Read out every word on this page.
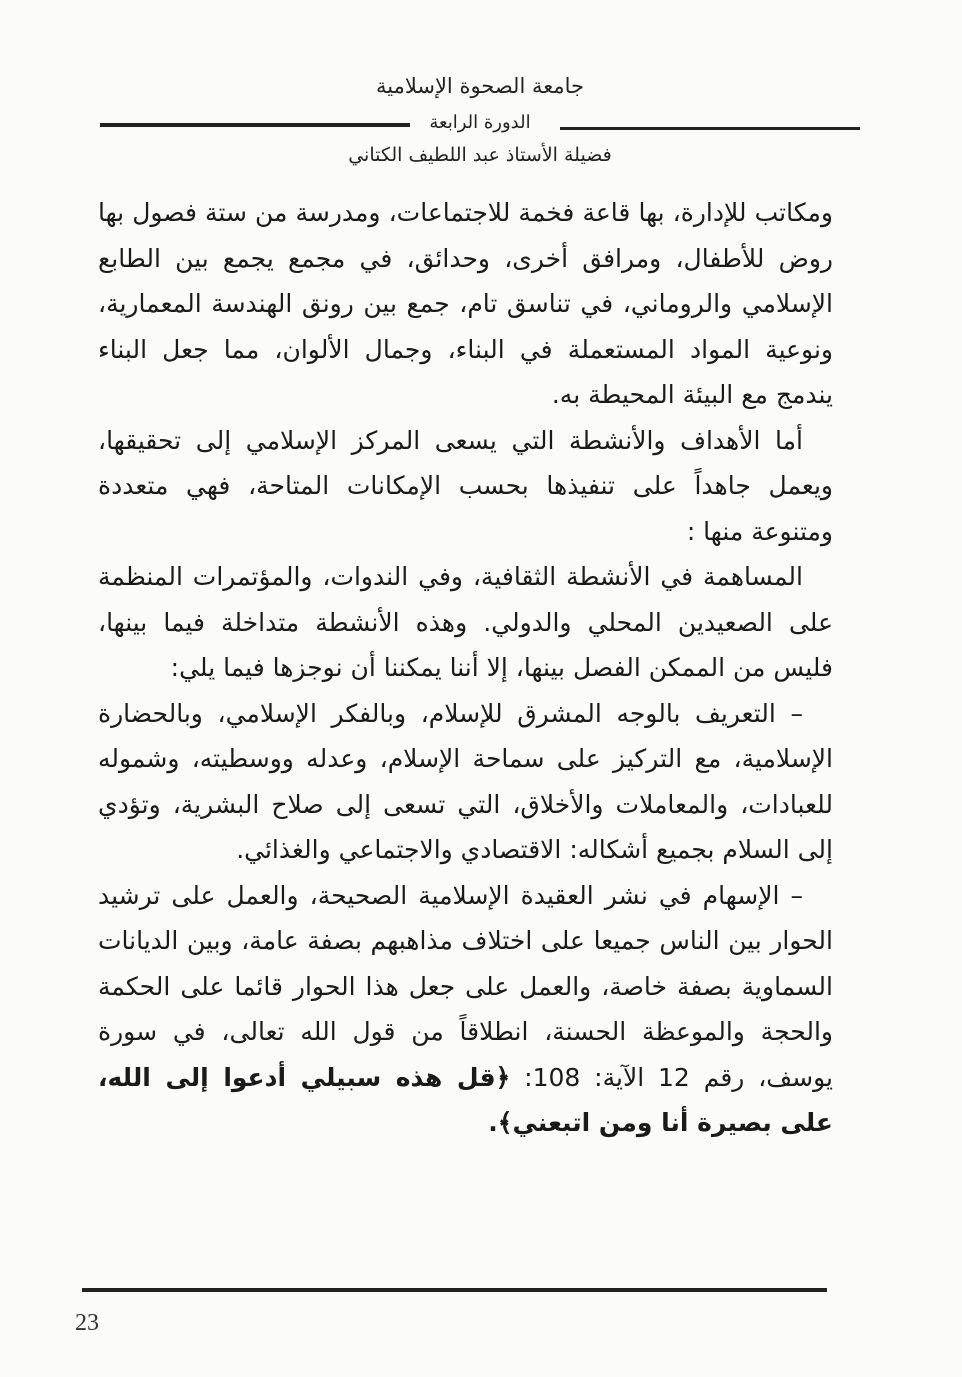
جامعة الصحوة الإسلامية
الدورة الرابعة
فضيلة الأستاذ عبد اللطيف الكتاني

ومكاتب للإدارة، بها قاعة فخمة للاجتماعات، ومدرسة من ستة فصول بها روض للأطفال، ومرافق أخرى، وحدائق، في مجمع يجمع بين الطابع الإسلامي والروماني، في تناسق تام، جمع بين رونق الهندسة المعمارية، ونوعية المواد المستعملة في البناء، وجمال الألوان، مما جعل البناء يندمج مع البيئة المحيطة به.

أما الأهداف والأنشطة التي يسعى المركز الإسلامي إلى تحقيقها، ويعمل جاهداً على تنفيذها بحسب الإمكانات المتاحة، فهي متعددة ومتنوعة منها :

المساهمة في الأنشطة الثقافية، وفي الندوات، والمؤتمرات المنظمة على الصعيدين المحلي والدولي. وهذه الأنشطة متداخلة فيما بينها، فليس من الممكن الفصل بينها، إلا أننا يمكننا أن نوجزها فيما يلي:

– التعريف بالوجه المشرق للإسلام، وبالفكر الإسلامي، وبالحضارة الإسلامية، مع التركيز على سماحة الإسلام، وعدله ووسطيته، وشموله للعبادات، والمعاملات والأخلاق، التي تسعى إلى صلاح البشرية، وتؤدي إلى السلام بجميع أشكاله: الاقتصادي والاجتماعي والغذائي.

– الإسهام في نشر العقيدة الإسلامية الصحيحة، والعمل على ترشيد الحوار بين الناس جميعا على اختلاف مذاهبهم بصفة عامة، وبين الديانات السماوية بصفة خاصة، والعمل على جعل هذا الحوار قائما على الحكمة والحجة والموعظة الحسنة، انطلاقاً من قول الله تعالى، في سورة يوسف، رقم 12 الآية: 108: ﴿قل هذه سبيلي أدعوا إلى الله، على بصيرة أنا ومن اتبعني﴾.

23
